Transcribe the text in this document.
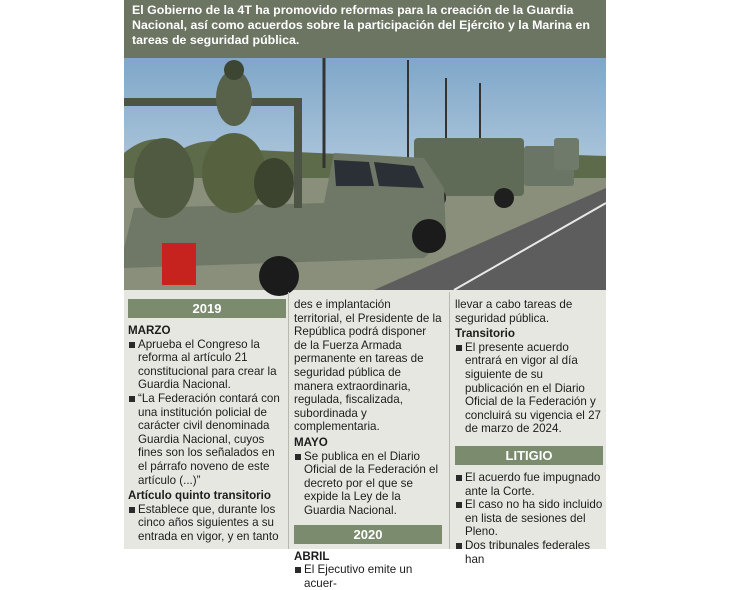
El Gobierno de la 4T ha promovido reformas para la creación de la Guardia Nacional, así como acuerdos sobre la participación del Ejército y la Marina en tareas de seguridad pública.

2019
MARZO
Aprueba el Congreso la reforma al artículo 21 constitucional para crear la Guardia Nacional.
“La Federación contará con una institución policial de carácter civil denominada Guardia Nacional, cuyos fines son los señalados en el párrafo noveno de este artículo (...)”
Artículo quinto transitorio
Establece que, durante los cinco años siguientes a su entrada en vigor, y en tanto
des e implantación territorial, el Presidente de la República podrá disponer de la Fuerza Armada permanente en tareas de seguridad pública de manera extraordinaria, regulada, fiscalizada, subordinada y complementaria.
MAYO
Se publica en el Diario Oficial de la Federación el decreto por el que se expide la Ley de la Guardia Nacional.
2020
ABRIL
El Ejecutivo emite un acuer-
llevar a cabo tareas de seguridad pública.
Transitorio
El presente acuerdo entrará en vigor al día siguiente de su publicación en el Diario Oficial de la Federación y concluirá su vigencia el 27 de marzo de 2024.
LITIGIO
El acuerdo fue impugnado ante la Corte.
El caso no ha sido incluido en lista de sesiones del Pleno.
Dos tribunales federales han
